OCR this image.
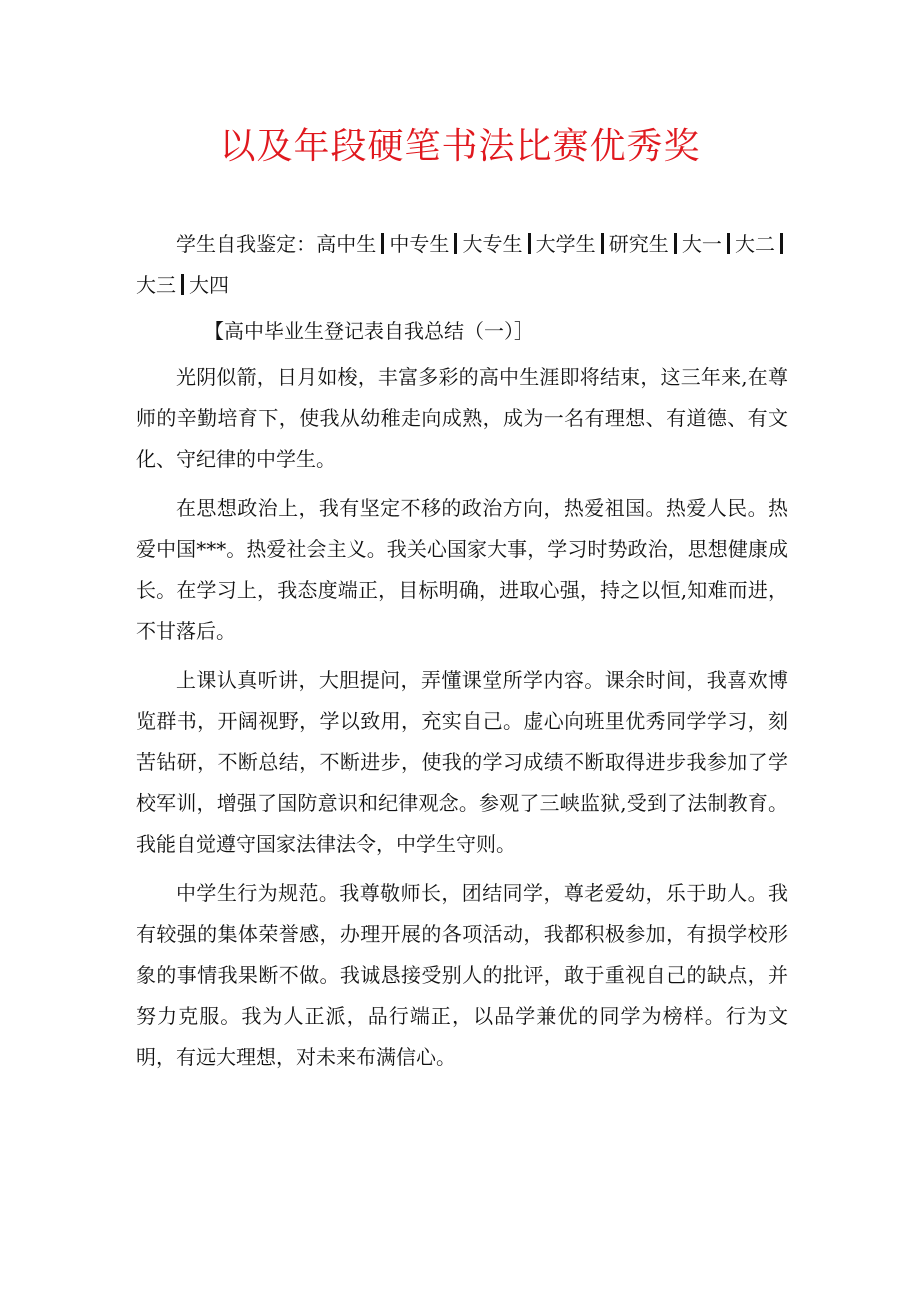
以及年段硬笔书法比赛优秀奖

学生自我鉴定：高中生 中专生 大专生 大学生 研究生 大一 大二大三 大四

【高中毕业生登记表自我总结（一）］

光阴似箭，日月如梭，丰富多彩的高中生涯即将结束，这三年来,在尊师的辛勤培育下，使我从幼稚走向成熟，成为一名有理想、有道德、有文化、守纪律的中学生。

在思想政治上，我有坚定不移的政治方向，热爱祖国。热爱人民。热爱中国***。热爱社会主义。我关心国家大事，学习时势政治，思想健康成长。在学习上，我态度端正，目标明确，进取心强，持之以恒,知难而进，不甘落后。

上课认真听讲，大胆提问，弄懂课堂所学内容。课余时间，我喜欢博览群书，开阔视野，学以致用，充实自己。虚心向班里优秀同学学习，刻苦钻研，不断总结，不断进步，使我的学习成绩不断取得进步我参加了学校军训，增强了国防意识和纪律观念。参观了三峡监狱,受到了法制教育。我能自觉遵守国家法律法令，中学生守则。

中学生行为规范。我尊敬师长，团结同学，尊老爱幼，乐于助人。我有较强的集体荣誉感，办理开展的各项活动，我都积极参加，有损学校形象的事情我果断不做。我诚恳接受别人的批评，敢于重视自己的缺点，并努力克服。我为人正派，品行端正，以品学兼优的同学为榜样。行为文明，有远大理想，对未来布满信心。
